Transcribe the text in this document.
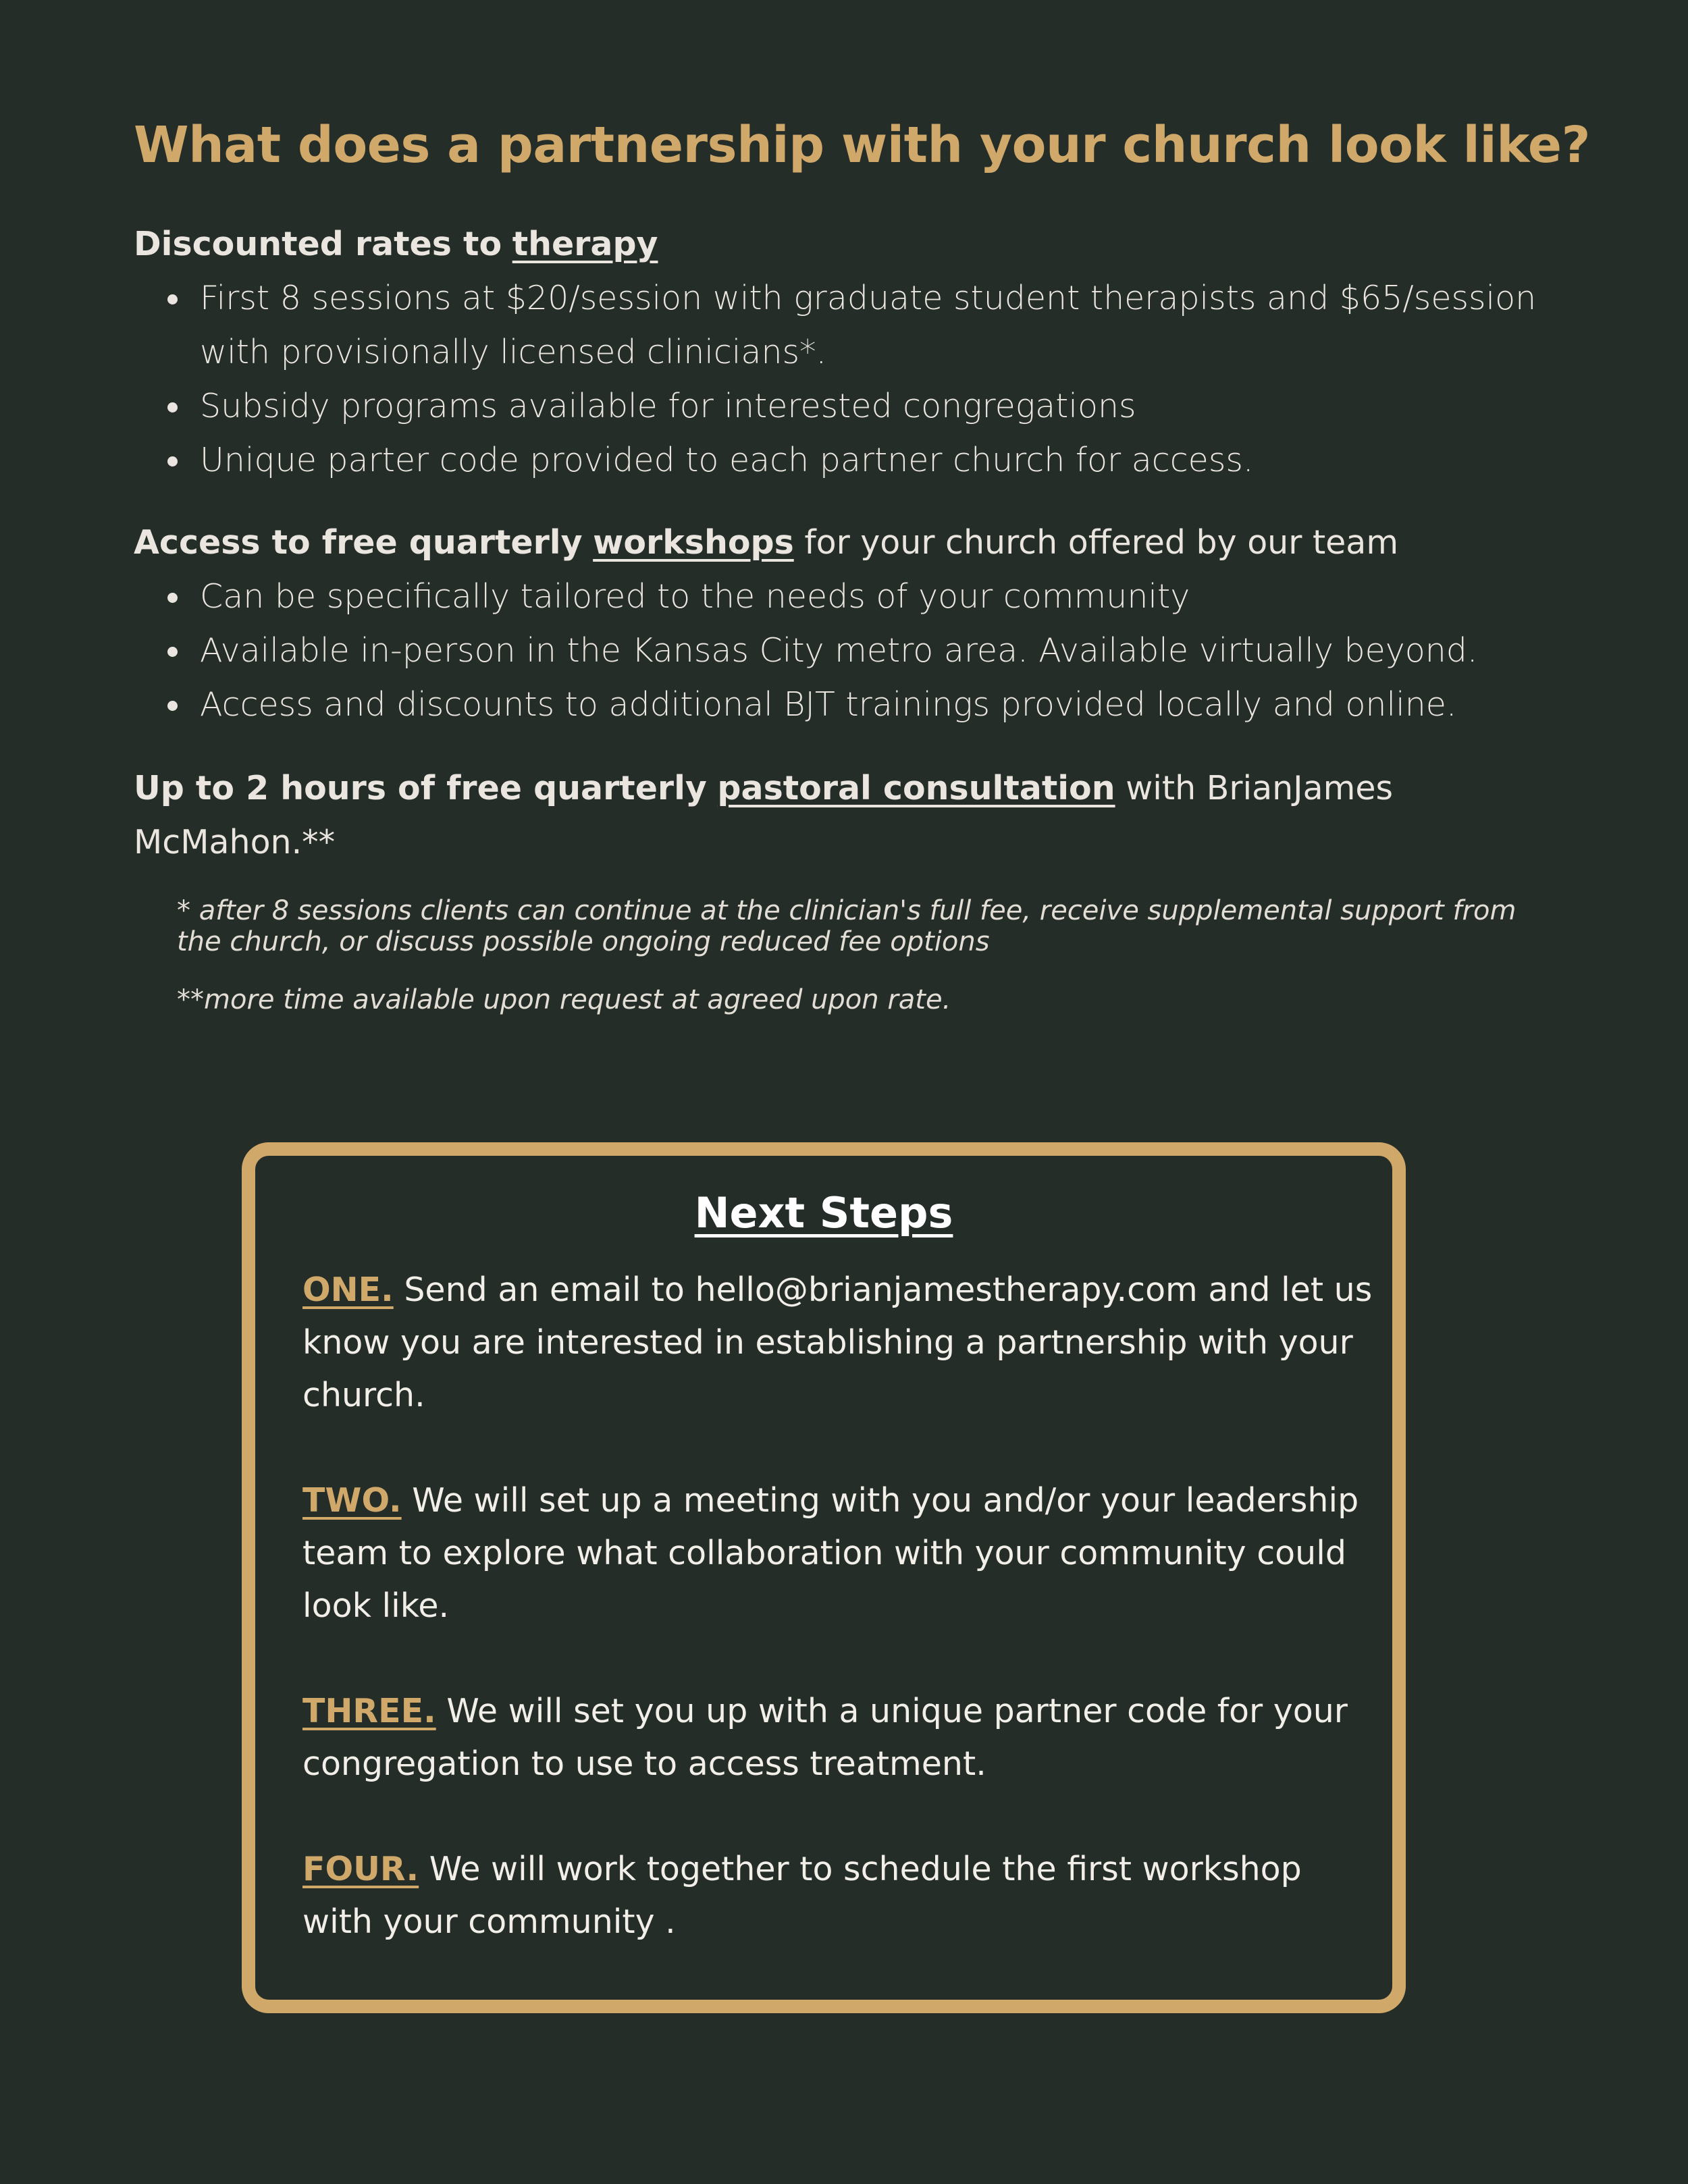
What does a partnership with your church look like?

Discounted rates to therapy

First 8 sessions at $20/session with graduate student therapists and $65/session with provisionally licensed clinicians*.
Subsidy programs available for interested congregations
Unique parter code provided to each partner church for access.

Access to free quarterly workshops for your church offered by our team

Can be specifically tailored to the needs of your community
Available in-person in the Kansas City metro area. Available virtually beyond.
Access and discounts to additional BJT trainings provided locally and online.

Up to 2 hours of free quarterly pastoral consultation with BrianJames McMahon.**

* after 8 sessions clients can continue at the clinician's full fee, receive supplemental support from the church, or discuss possible ongoing reduced fee options

**more time available upon request at agreed upon rate.

Next Steps

ONE. Send an email to hello@brianjamestherapy.com and let us know you are interested in establishing a partnership with your church.

TWO. We will set up a meeting with you and/or your leadership team to explore what collaboration with your community could look like.

THREE. We will set you up with a unique partner code for your congregation to use to access treatment.

FOUR. We will work together to schedule the first workshop with your community .
